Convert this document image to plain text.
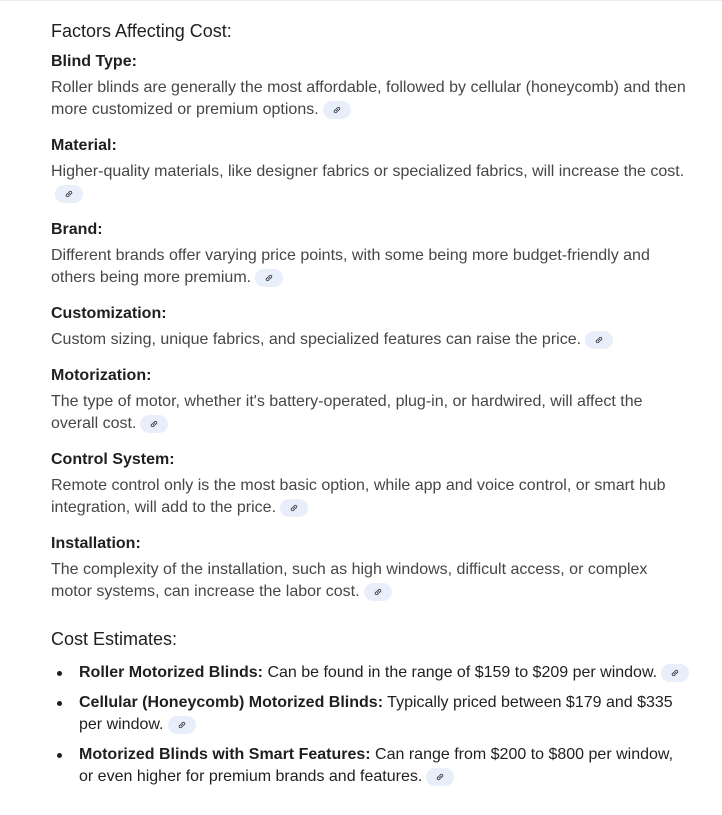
Factors Affecting Cost:

Blind Type:

Roller blinds are generally the most affordable, followed by cellular (honeycomb) and then more customized or premium options.

Material:

Higher-quality materials, like designer fabrics or specialized fabrics, will increase the cost.

Brand:

Different brands offer varying price points, with some being more budget-friendly and others being more premium.

Customization:

Custom sizing, unique fabrics, and specialized features can raise the price.

Motorization:

The type of motor, whether it's battery-operated, plug-in, or hardwired, will affect the overall cost.

Control System:

Remote control only is the most basic option, while app and voice control, or smart hub integration, will add to the price.

Installation:

The complexity of the installation, such as high windows, difficult access, or complex motor systems, can increase the labor cost.

Cost Estimates:
Roller Motorized Blinds: Can be found in the range of $159 to $209 per window.
Cellular (Honeycomb) Motorized Blinds: Typically priced between $179 and $335 per window.
Motorized Blinds with Smart Features: Can range from $200 to $800 per window, or even higher for premium brands and features.
